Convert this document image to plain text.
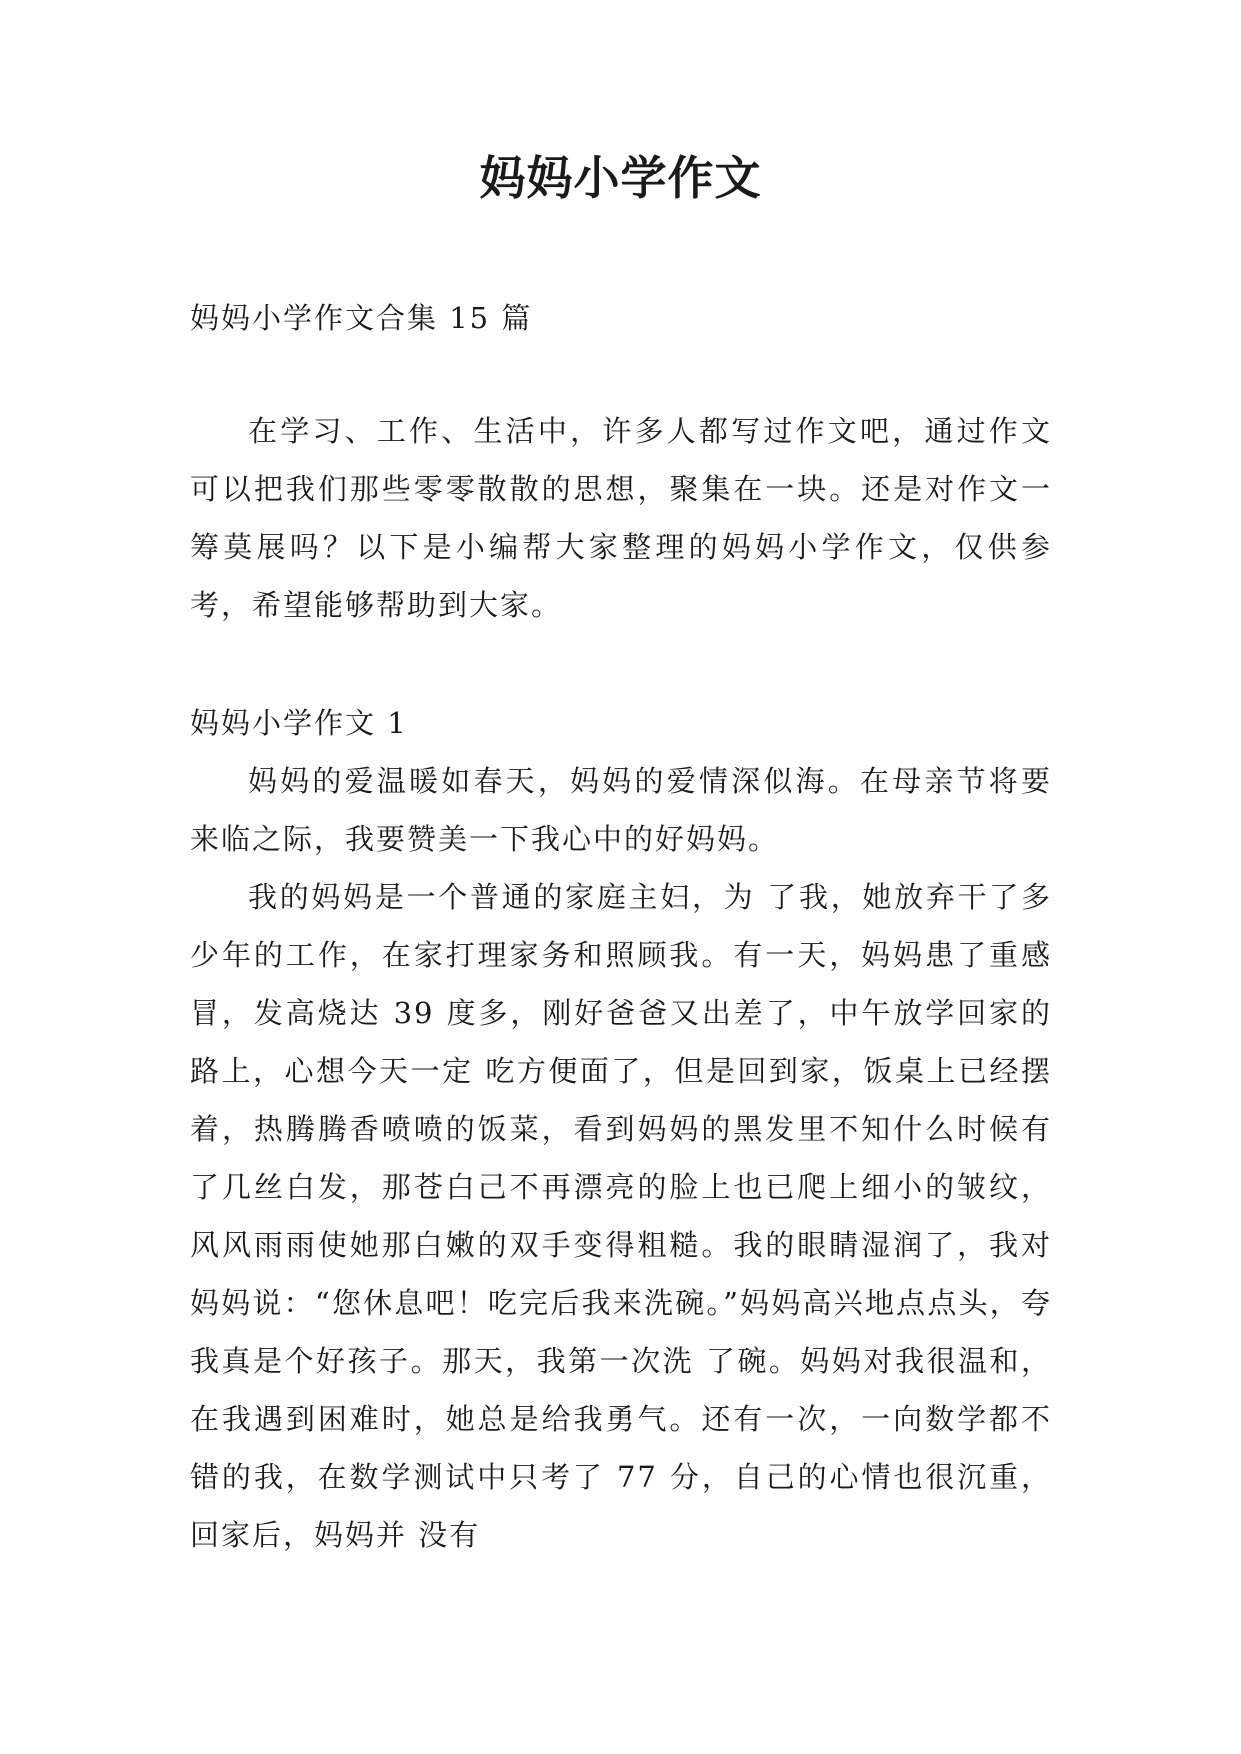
妈妈小学作文

妈妈小学作文合集 15 篇

在学习、工作、生活中，许多人都写过作文吧，通过作文可以把我们那些零零散散的思想，聚集在一块。还是对作文一筹莫展吗？以下是小编帮大家整理的妈妈小学作文，仅供参考，希望能够帮助到大家。

妈妈小学作文 1

妈妈的爱温暖如春天，妈妈的爱情深似海。在母亲节将要来临之际，我要赞美一下我心中的好妈妈。

我的妈妈是一个普通的家庭主妇，为 了我，她放弃干了多少年的工作，在家打理家务和照顾我。有一天，妈妈患了重感冒，发高烧达 39 度多，刚好爸爸又出差了，中午放学回家的路上，心想今天一定 吃方便面了，但是回到家，饭桌上已经摆着，热腾腾香喷喷的饭菜，看到妈妈的黑发里不知什么时候有了几丝白发，那苍白己不再漂亮的脸上也已爬上细小的皱纹， 风风雨雨使她那白嫩的双手变得粗糙。我的眼睛湿润了，我对妈妈说：“您休息吧！吃完后我来洗碗。”妈妈高兴地点点头，夸我真是个好孩子。那天，我第一次洗 了碗。妈妈对我很温和，在我遇到困难时，她总是给我勇气。还有一次，一向数学都不错的我，在数学测试中只考了 77 分，自己的心情也很沉重，回家后，妈妈并 没有
